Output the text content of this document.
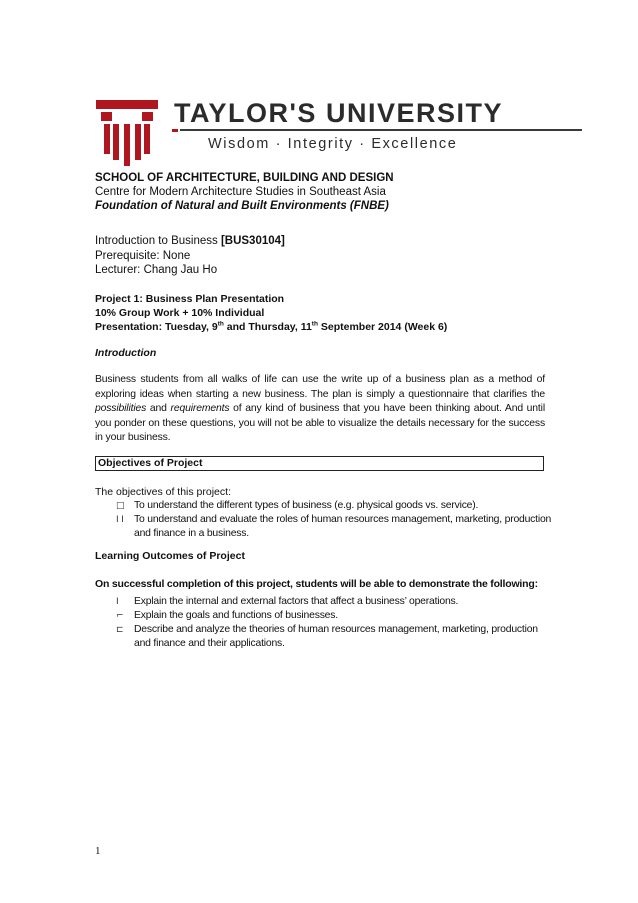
TAYLOR'S UNIVERSITY
Wisdom · Integrity · Excellence
SCHOOL OF ARCHITECTURE, BUILDING AND DESIGN
Centre for Modern Architecture Studies in Southeast Asia
Foundation of Natural and Built Environments (FNBE)
Introduction to Business [BUS30104]
Prerequisite: None
Lecturer: Chang Jau Ho
Project 1: Business Plan Presentation
10% Group Work + 10% Individual
Presentation: Tuesday, 9th and Thursday, 11th September 2014 (Week 6)
Introduction
Business students from all walks of life can use the write up of a business plan as a method of exploring ideas when starting a new business. The plan is simply a questionnaire that clarifies the possibilities and requirements of any kind of business that you have been thinking about. And until you ponder on these questions, you will not be able to visualize the details necessary for the success in your business.
Objectives of Project
The objectives of this project:
□ To understand the different types of business (e.g. physical goods vs. service).
I I	To understand and evaluate the roles of human resources management, marketing, production and finance in a business.
Learning Outcomes of Project
On successful completion of this project, students will be able to demonstrate the following:
I	Explain the internal and external factors that affect a business’ operations.
⌐	Explain the goals and functions of businesses.
⊏	Describe and analyze the theories of human resources management, marketing, production and finance and their applications.
1
